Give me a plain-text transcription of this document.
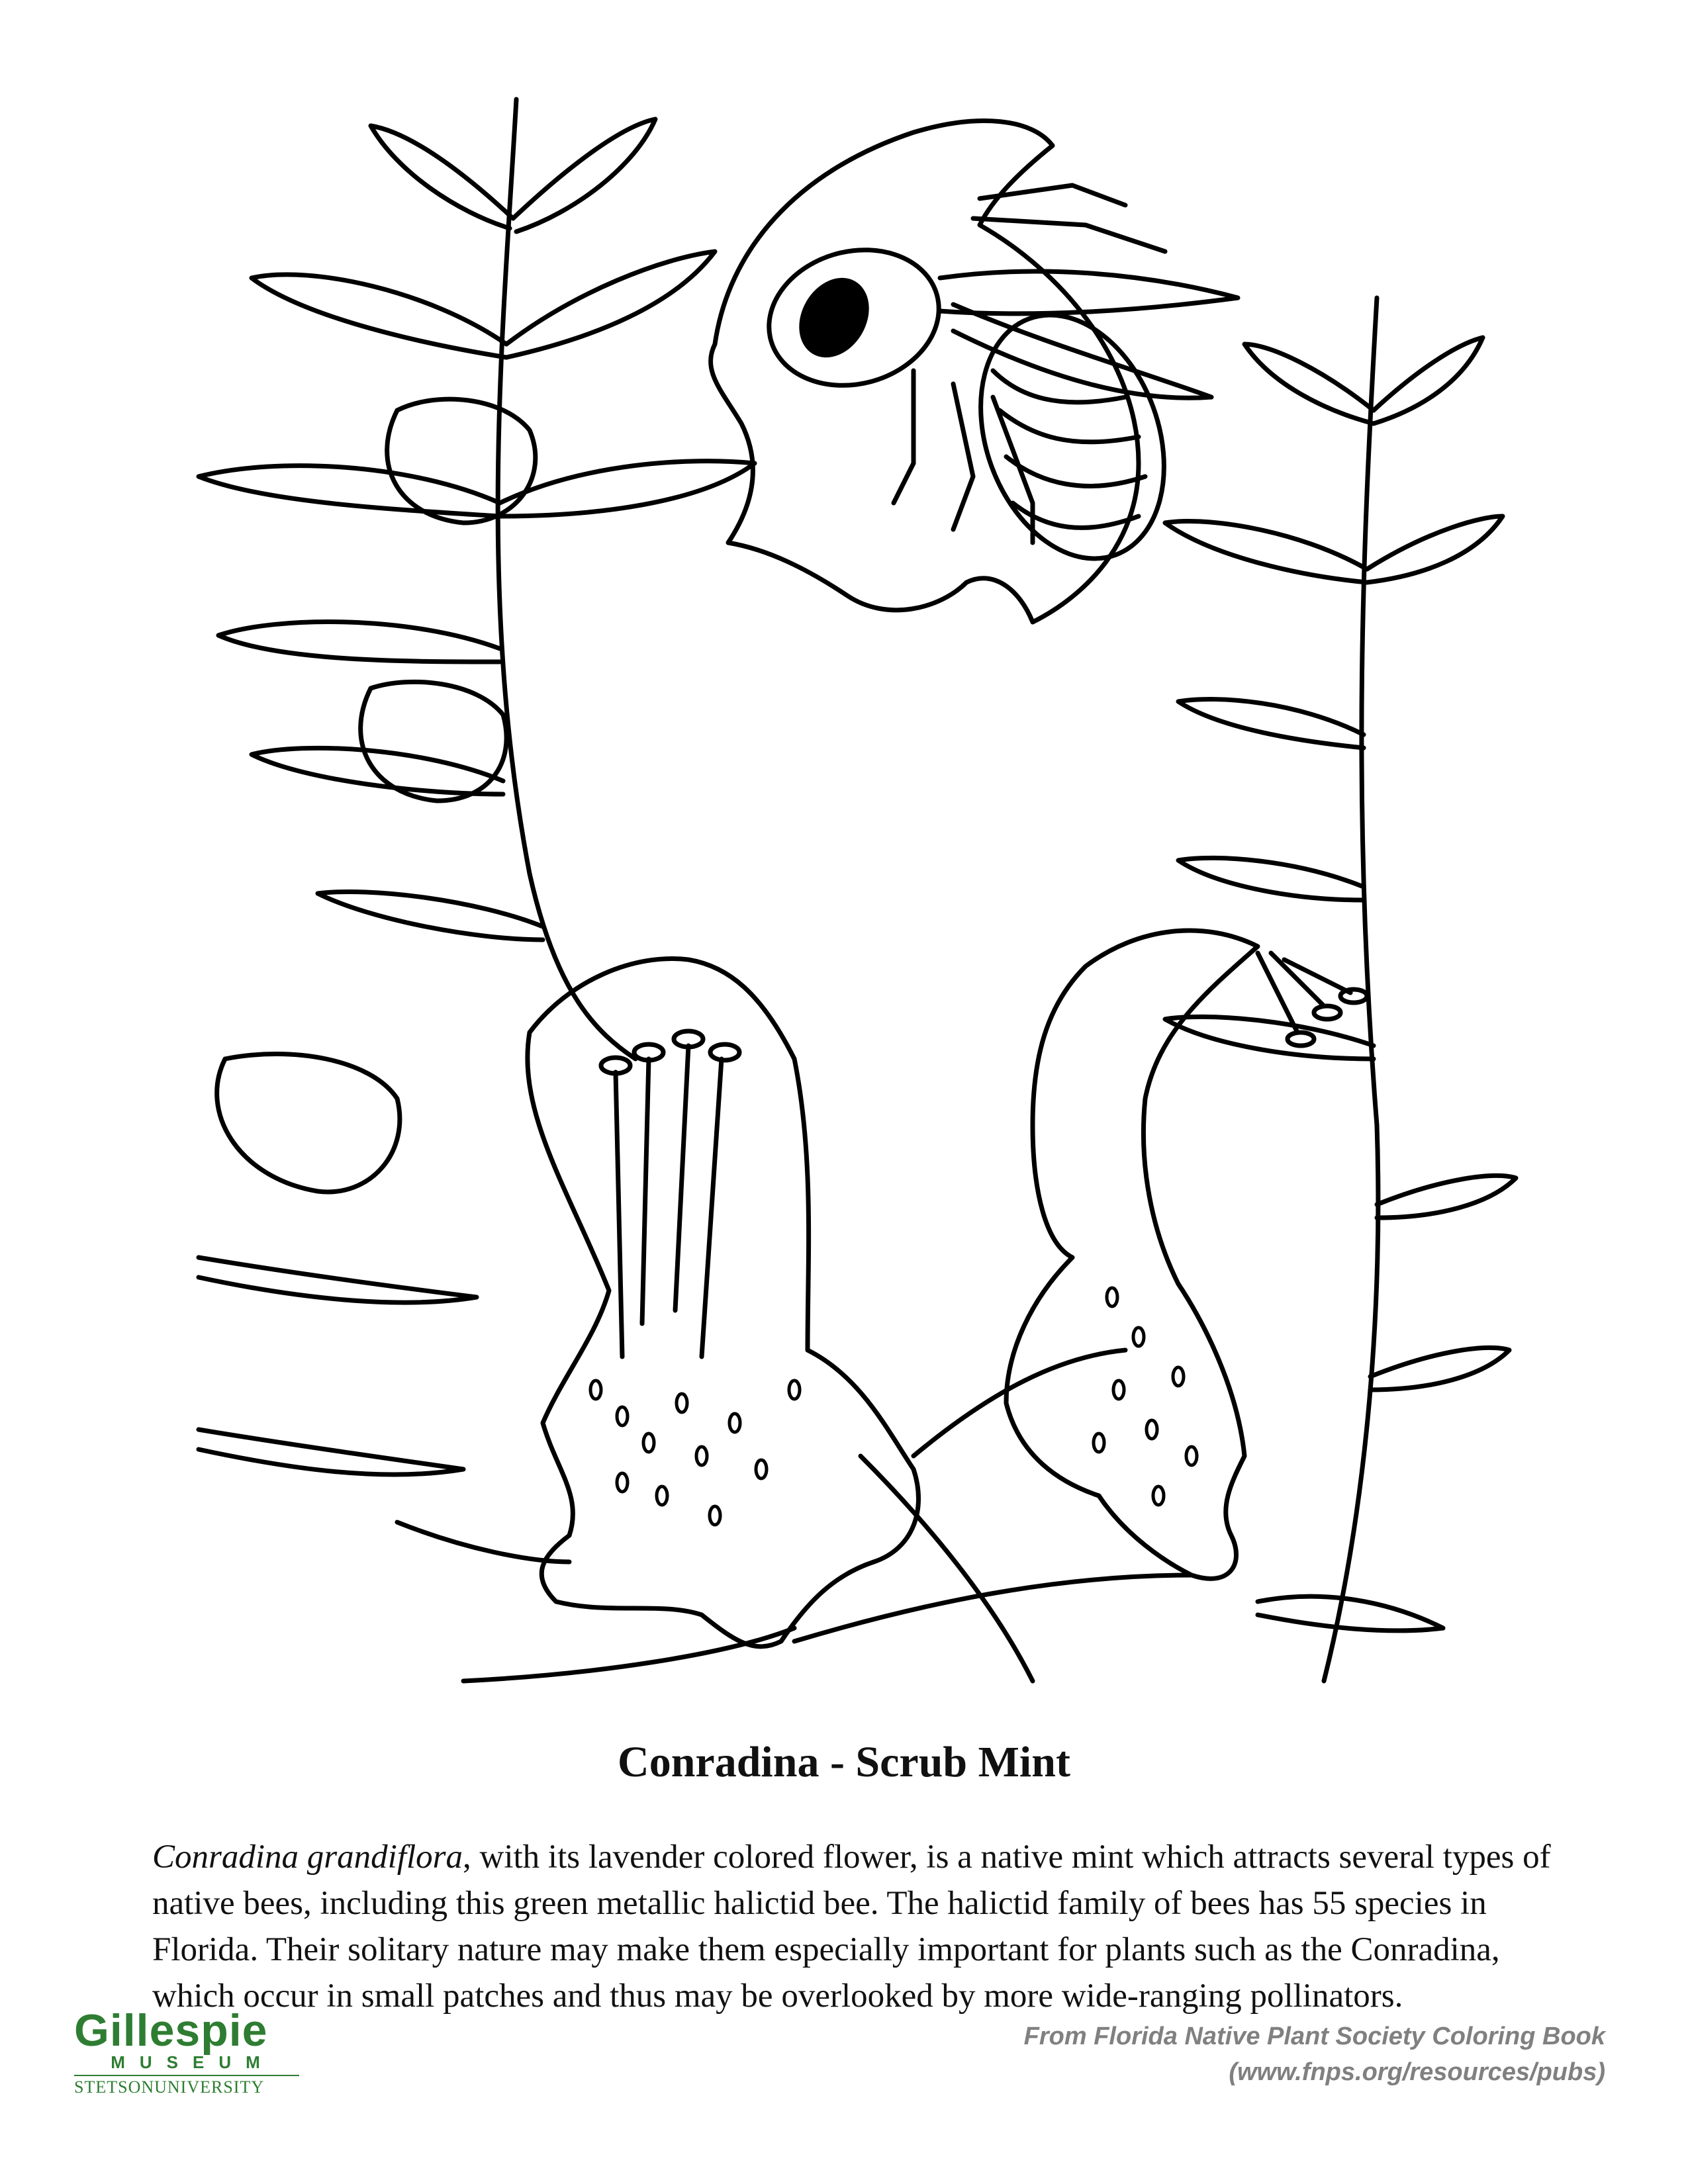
Conradina - Scrub Mint

Conradina grandiflora, with its lavender colored flower, is a native mint which attracts several types of native bees, including this green metallic halictid bee. The halictid family of bees has 55 species in Florida. Their solitary nature may make them especially important for plants such as the Conradina, which occur in small patches and thus may be overlooked by more wide-ranging pollinators.

Gillespie
MUSEUM
STETSONUNIVERSITY
From Florida Native Plant Society Coloring Book
(www.fnps.org/resources/pubs)
